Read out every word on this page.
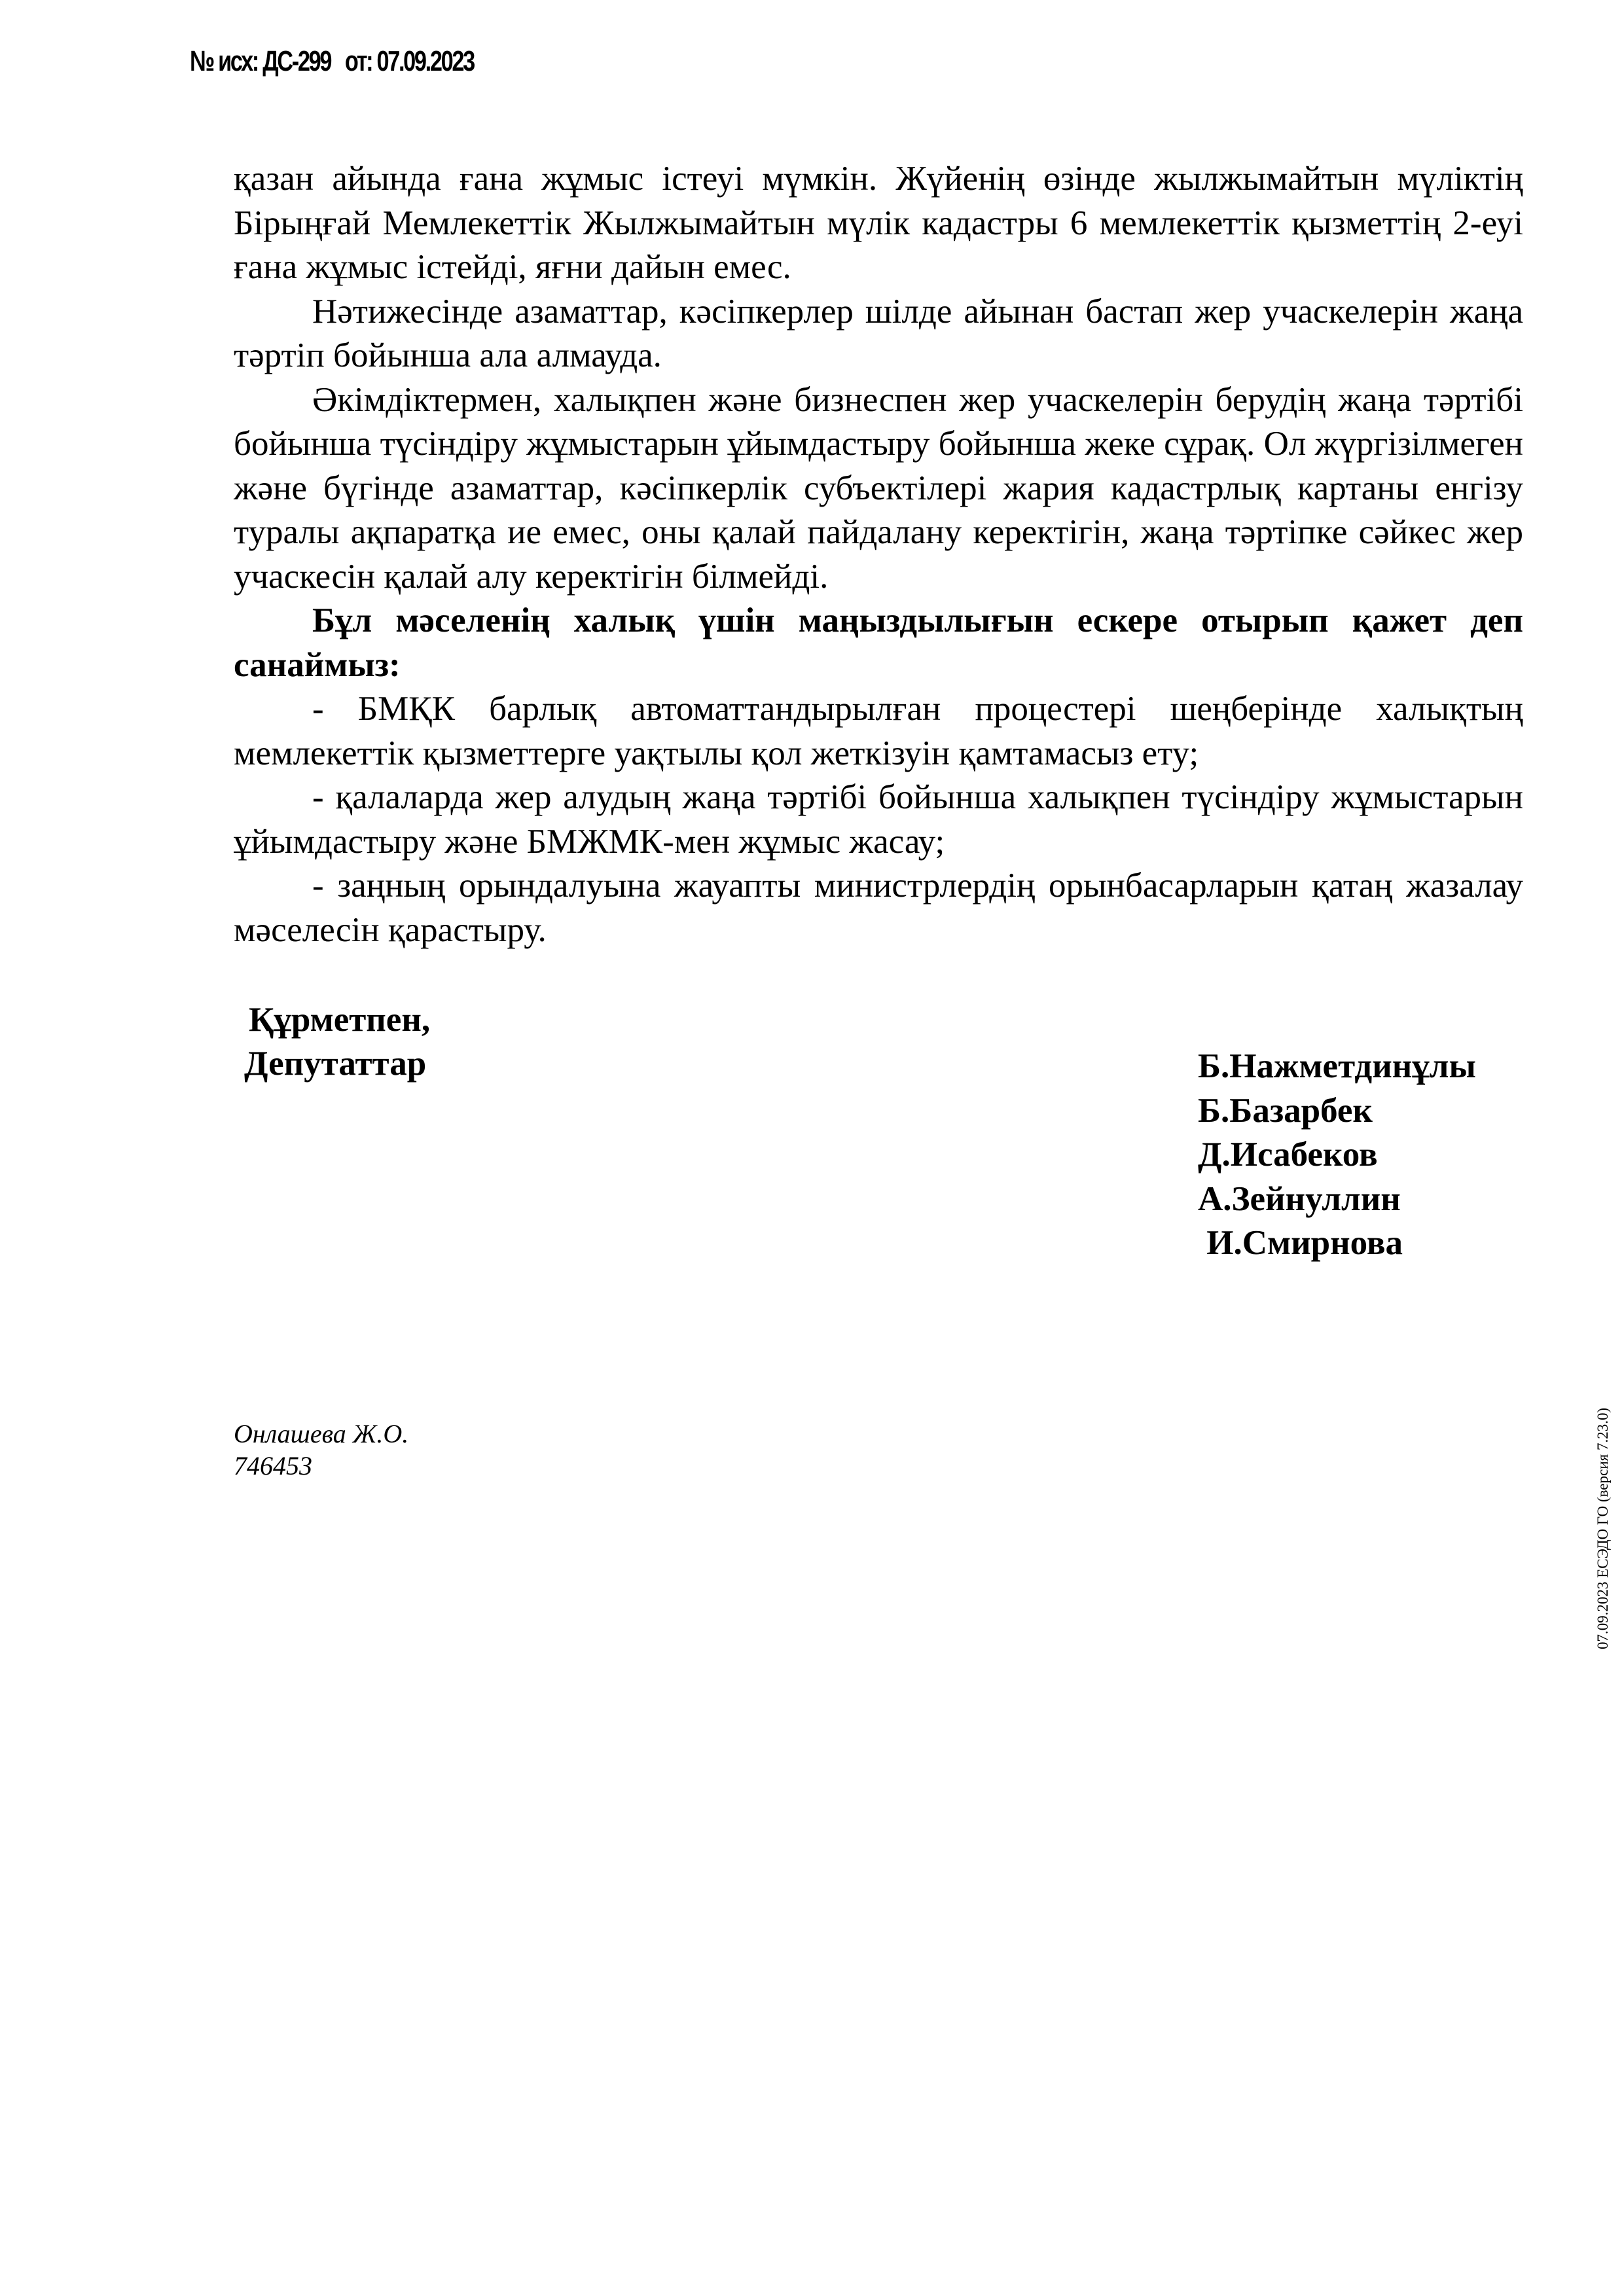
№ исх: ДС-299 от: 07.09.2023

қазан айында ғана жұмыс істеуі мүмкін. Жүйенің өзінде жылжымайтын мүліктің Бірыңғай Мемлекеттік Жылжымайтын мүлік кадастры 6 мемлекеттік қызметтің 2-еуі ғана жұмыс істейді, яғни дайын емес.

Нәтижесінде азаматтар, кәсіпкерлер шілде айынан бастап жер учаскелерін жаңа тәртіп бойынша ала алмауда.

Әкімдіктермен, халықпен және бизнеспен жер учаскелерін берудің жаңа тәртібі бойынша түсіндіру жұмыстарын ұйымдастыру бойынша жеке сұрақ. Ол жүргізілмеген және бүгінде азаматтар, кәсіпкерлік субъектілері жария кадастрлық картаны енгізу туралы ақпаратқа ие емес, оны қалай пайдалану керектігін, жаңа тәртіпке сәйкес жер учаскесін қалай алу керектігін білмейді.

Бұл мәселенің халық үшін маңыздылығын ескере отырып қажет деп санаймыз:

- БМҚК барлық автоматтандырылған процестері шеңберінде халықтың мемлекеттік қызметтерге уақтылы қол жеткізуін қамтамасыз ету;

- қалаларда жер алудың жаңа тәртібі бойынша халықпен түсіндіру жұмыстарын ұйымдастыру және БМЖМК-мен жұмыс жасау;

- заңның орындалуына жауапты министрлердің орынбасарларын қатаң жазалау мәселесін қарастыру.

Құрметпен,
Депутаттар	Б.Нажметдинұлы
Б.Базарбек
Д.Исабеков
А.Зейнуллин
И.Смирнова
Онлашева Ж.О.
746453	07.09.2023 ЕСЭДО ГО (версия 7.23.0)
